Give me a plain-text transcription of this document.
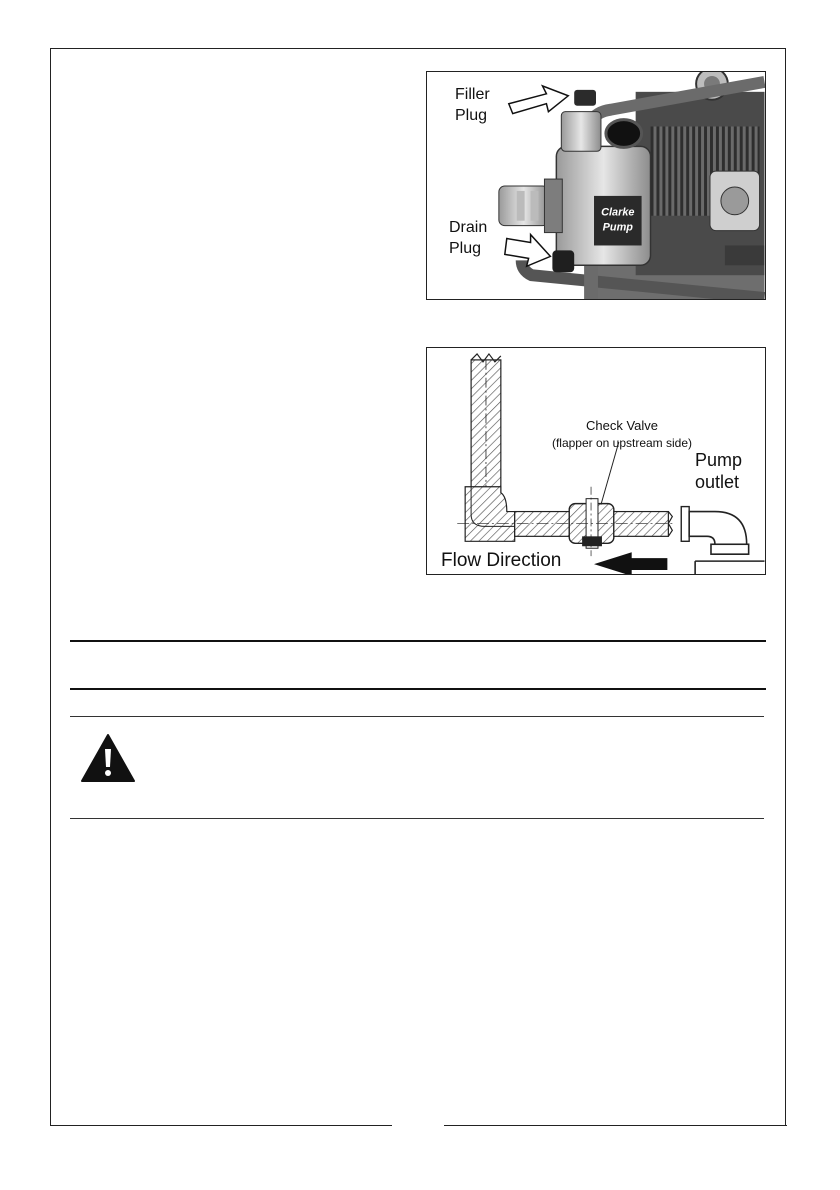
Clarke
Pump
Filler
Plug
Drain
Plug
Check Valve
(flapper on upstream side)
Pump
outlet
Flow Direction
